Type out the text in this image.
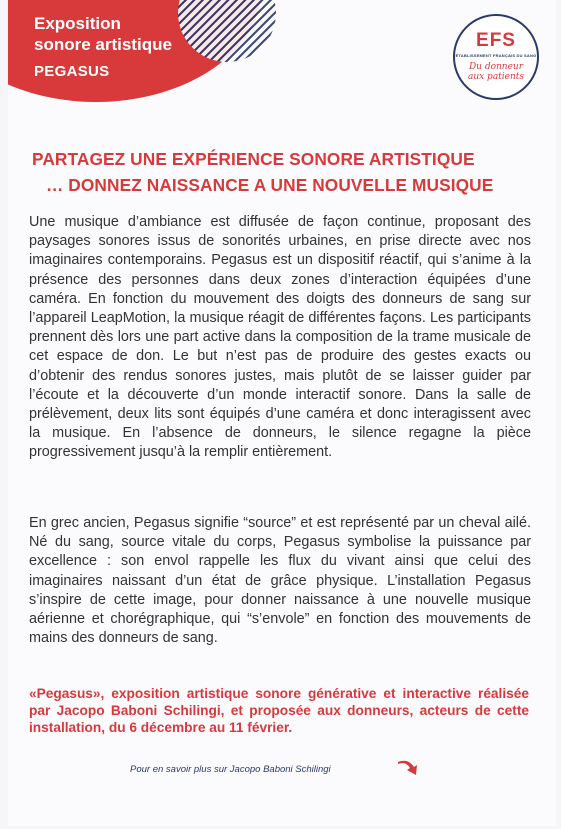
Exposition
sonore artistique
PEGASUS
EFS
ÉTABLISSEMENT FRANÇAIS DU SANG
Du donneur
aux patients
PARTAGEZ UNE EXPÉRIENCE SONORE ARTISTIQUE
… DONNEZ NAISSANCE A UNE NOUVELLE MUSIQUE

Une musique d’ambiance est diffusée de façon continue, proposant des paysages sonores issus de sonorités urbaines, en prise directe avec nos imaginaires contemporains. Pegasus est un dispositif réactif, qui s’anime à la présence des personnes dans deux zones d’interaction équipées d’une caméra. En fonction du mouvement des doigts des donneurs de sang sur l’appareil LeapMotion, la musique réagit de différentes façons. Les participants prennent dès lors une part active dans la composition de la trame musicale de cet espace de don. Le but n’est pas de produire des gestes exacts ou d’obtenir des rendus sonores justes, mais plutôt de se laisser guider par l’écoute et la découverte d’un monde interactif sonore. Dans la salle de prélèvement, deux lits sont équipés d’une caméra et donc interagissent avec la musique. En l’absence de donneurs, le silence regagne la pièce progressivement jusqu’à la remplir entièrement.

En grec ancien, Pegasus signifie “source” et est représenté par un cheval ailé. Né du sang, source vitale du corps, Pegasus symbolise la puissance par excellence : son envol rappelle les flux du vivant ainsi que celui des imaginaires naissant d’un état de grâce physique. L’installation Pegasus s’inspire de cette image, pour donner naissance à une nouvelle musique aérienne et chorégraphique, qui “s’envole” en fonction des mouvements de mains des donneurs de sang.

«Pegasus», exposition artistique sonore générative et interactive réalisée par Jacopo Baboni Schilingi, et proposée aux donneurs, acteurs de cette installation, du 6 décembre au 11 février.
Pour en savoir plus sur Jacopo Baboni Schilingi
